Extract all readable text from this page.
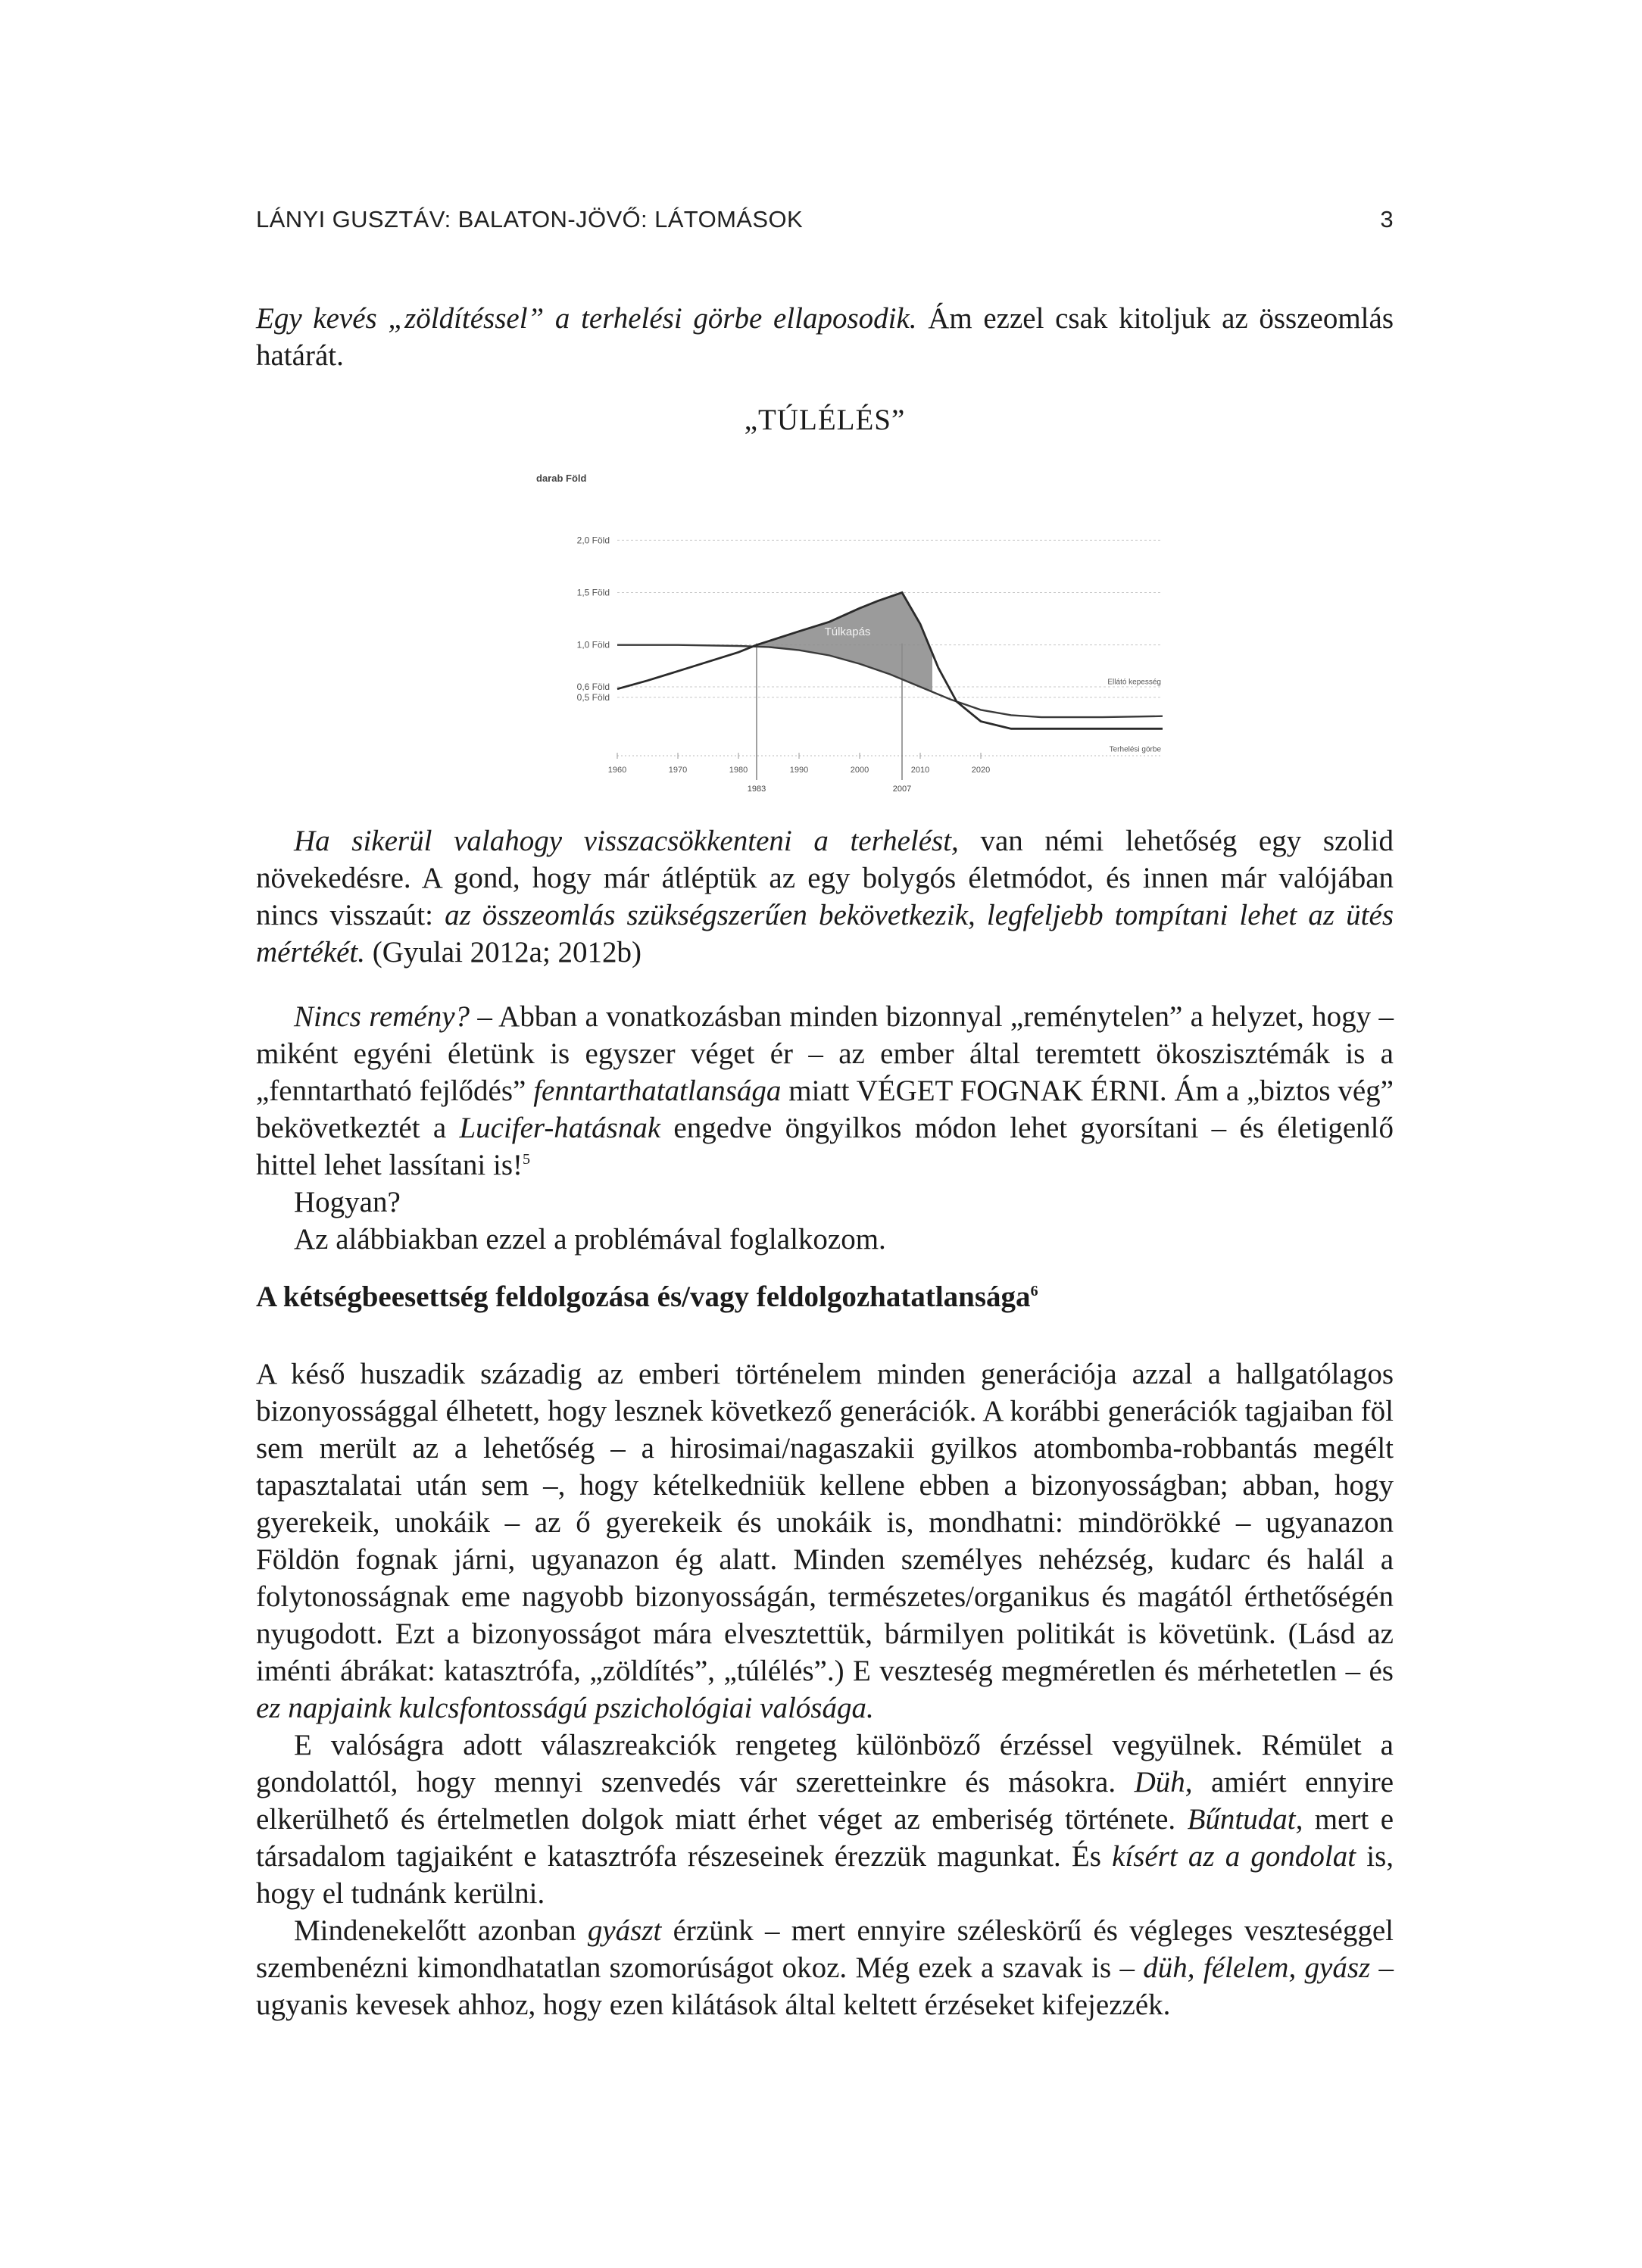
LÁNYI GUSZTÁV: BALATON-JÖVŐ: LÁTOMÁSOK	3

Egy kevés „zöldítéssel” a terhelési görbe ellaposodik. Ám ezzel csak kitoljuk az összeomlás határát.

„TÚLÉLÉS”
darab Föld
2,0 Föld
1,5 Föld
1,0 Föld
0,6 Föld
0,5 Föld
1960	1970	1980	1990	2000	2010	2020
1983	2007
Ellátó kepesség
Terhelési görbe
Túlkapás

Ha sikerül valahogy visszacsökkenteni a terhelést, van némi lehetőség egy szolid növekedésre. A gond, hogy már átléptük az egy bolygós életmódot, és innen már valójában nincs visszaút: az összeomlás szükségszerűen bekövetkezik, legfeljebb tompítani lehet az ütés mértékét. (Gyulai 2012a; 2012b)

Nincs remény? – Abban a vonatkozásban minden bizonnyal „reménytelen” a helyzet, hogy – miként egyéni életünk is egyszer véget ér – az ember által teremtett ökoszisztémák is a „fenntartható fejlődés” fenntarthatatlansága miatt VÉGET FOGNAK ÉRNI. Ám a „biztos vég” bekövetkeztét a Lucifer-hatásnak engedve öngyilkos módon lehet gyorsítani – és életigenlő hittel lehet lassítani is!$^5$

Hogyan?

Az alábbiakban ezzel a problémával foglalkozom.

A kétségbeesettség feldolgozása és/vagy feldolgozhatatlansága$^6$

A késő huszadik századig az emberi történelem minden generációja azzal a hallgatólagos bizonyossággal élhetett, hogy lesznek következő generációk. A korábbi generációk tagjaiban föl sem merült az a lehetőség – a hirosimai/nagaszakii gyilkos atombomba-robbantás megélt tapasztalatai után sem –, hogy kételkedniük kellene ebben a bizonyosságban; abban, hogy gyerekeik, unokáik – az ő gyerekeik és unokáik is, mondhatni: mindörökké – ugyanazon Földön fognak járni, ugyanazon ég alatt. Minden személyes nehézség, kudarc és halál a folytonosságnak eme nagyobb bizonyosságán, természetes/organikus és magától érthetőségén nyugodott. Ezt a bizonyosságot mára elvesztettük, bármilyen politikát is követünk. (Lásd az iménti ábrákat: katasztrófa, „zöldítés”, „túlélés”.) E veszteség megméretlen és mérhetetlen – és ez napjaink kulcsfontosságú pszichológiai valósága.

E valóságra adott válaszreakciók rengeteg különböző érzéssel vegyülnek. Rémület a gondolattól, hogy mennyi szenvedés vár szeretteinkre és másokra. Düh, amiért ennyire elkerülhető és értelmetlen dolgok miatt érhet véget az emberiség története. Bűntudat, mert e társadalom tagjaiként e katasztrófa részeseinek érezzük magunkat. És kísért az a gondolat is, hogy el tudnánk kerülni.

Mindenekelőtt azonban gyászt érzünk – mert ennyire széleskörű és végleges veszteséggel szembenézni kimondhatatlan szomorúságot okoz. Még ezek a szavak is – düh, félelem, gyász – ugyanis kevesek ahhoz, hogy ezen kilátások által keltett érzéseket kifejezzék.
